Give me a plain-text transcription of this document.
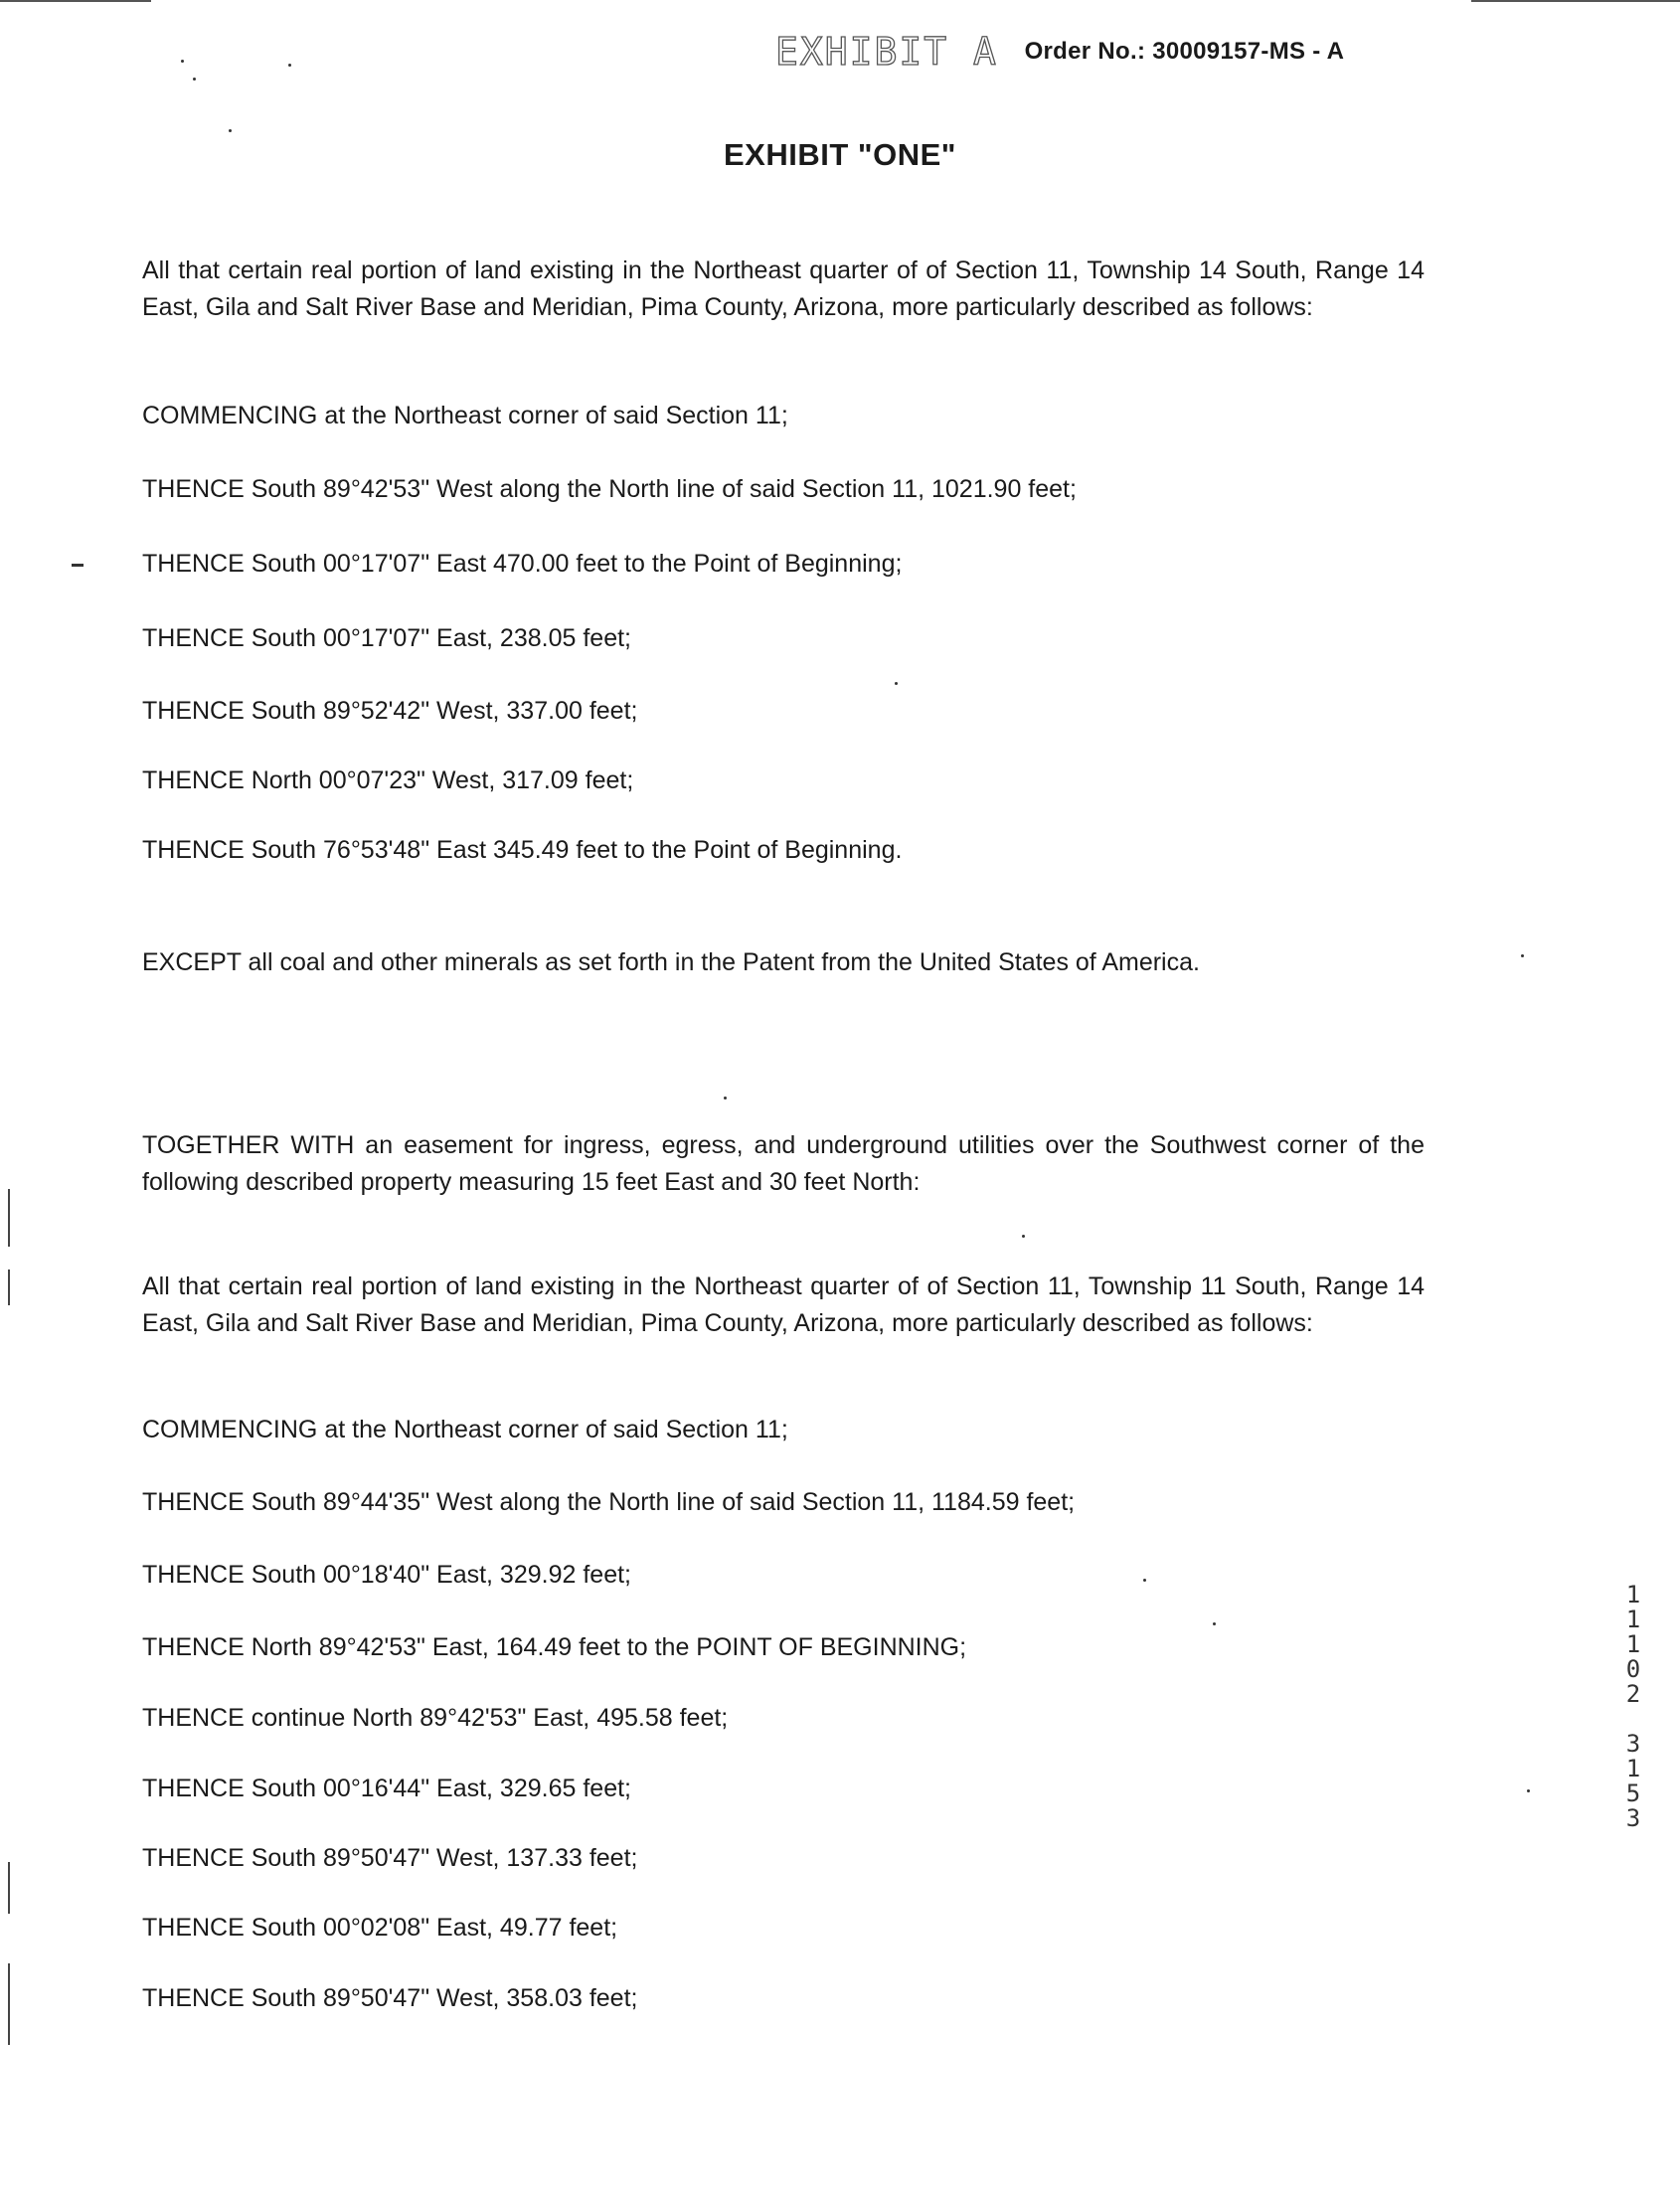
EXHIBIT A Order No.: 30009157-MS - A
EXHIBIT "ONE"
All that certain real portion of land existing in the Northeast quarter of of Section 11, Township 14 South, Range 14 East, Gila and Salt River Base and Meridian, Pima County, Arizona, more particularly described as follows:
COMMENCING at the Northeast corner of said Section 11;
THENCE South 89°42'53" West along the North line of said Section 11, 1021.90 feet;
THENCE South 00°17'07" East 470.00 feet to the Point of Beginning;
THENCE South 00°17'07" East, 238.05 feet;
THENCE South 89°52'42" West, 337.00 feet;
THENCE North 00°07'23" West, 317.09 feet;
THENCE South 76°53'48" East 345.49 feet to the Point of Beginning.
EXCEPT all coal and other minerals as set forth in the Patent from the United States of America.
TOGETHER WITH an easement for ingress, egress, and underground utilities over the Southwest corner of the following described property measuring 15 feet East and 30 feet North:
All that certain real portion of land existing in the Northeast quarter of of Section 11, Township 11 South, Range 14 East, Gila and Salt River Base and Meridian, Pima County, Arizona, more particularly described as follows:
COMMENCING at the Northeast corner of said Section 11;
THENCE South 89°44'35" West along the North line of said Section 11, 1184.59 feet;
THENCE South 00°18'40" East, 329.92 feet;
THENCE North 89°42'53" East, 164.49 feet to the POINT OF BEGINNING;
THENCE continue North 89°42'53" East, 495.58 feet;
THENCE South 00°16'44" East, 329.65 feet;
THENCE South 89°50'47" West, 137.33 feet;
THENCE South 00°02'08" East, 49.77 feet;
THENCE South 89°50'47" West, 358.03 feet;
1
1
1
0
2

3
1
5
3
